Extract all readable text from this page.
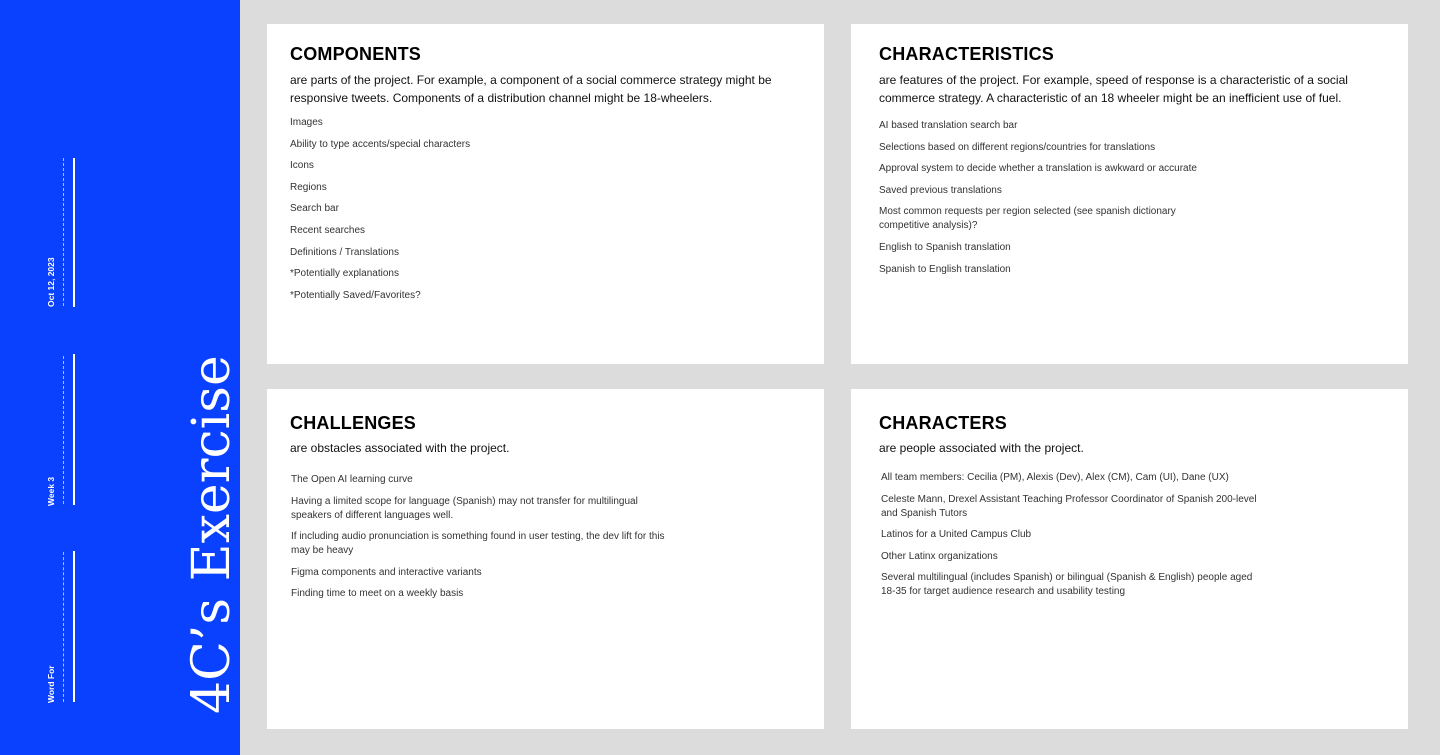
Oct 12, 2023
Week 3
Word For 4C’s Exercise
COMPONENTS

are parts of the project. For example, a component of a social commerce strategy might be responsive tweets. Components of a distribution channel might be 18-wheelers.

Images
Ability to type accents/special characters
Icons
Regions
Search bar
Recent searches
Definitions / Translations
*Potentially explanations
*Potentially Saved/Favorites?
CHARACTERISTICS

are features of the project. For example, speed of response is a characteristic of a social commerce strategy. A characteristic of an 18 wheeler might be an inefficient use of fuel.

AI based translation search bar
Selections based on different regions/countries for translations
Approval system to decide whether a translation is awkward or accurate
Saved previous translations
Most common requests per region selected (see spanish dictionary competitive analysis)?
English to Spanish translation
Spanish to English translation
CHALLENGES

are obstacles associated with the project.

The Open AI learning curve
Having a limited scope for language (Spanish) may not transfer for multilingual speakers of different languages well.
If including audio pronunciation is something found in user testing, the dev lift for this may be heavy
Figma components and interactive variants
Finding time to meet on a weekly basis
CHARACTERS

are people associated with the project.

All team members: Cecilia (PM), Alexis (Dev), Alex (CM), Cam (UI), Dane (UX)
Celeste Mann, Drexel Assistant Teaching Professor Coordinator of Spanish 200-level and Spanish Tutors
Latinos for a United Campus Club
Other Latinx organizations
Several multilingual (includes Spanish) or bilingual (Spanish & English) people aged 18-35 for target audience research and usability testing
